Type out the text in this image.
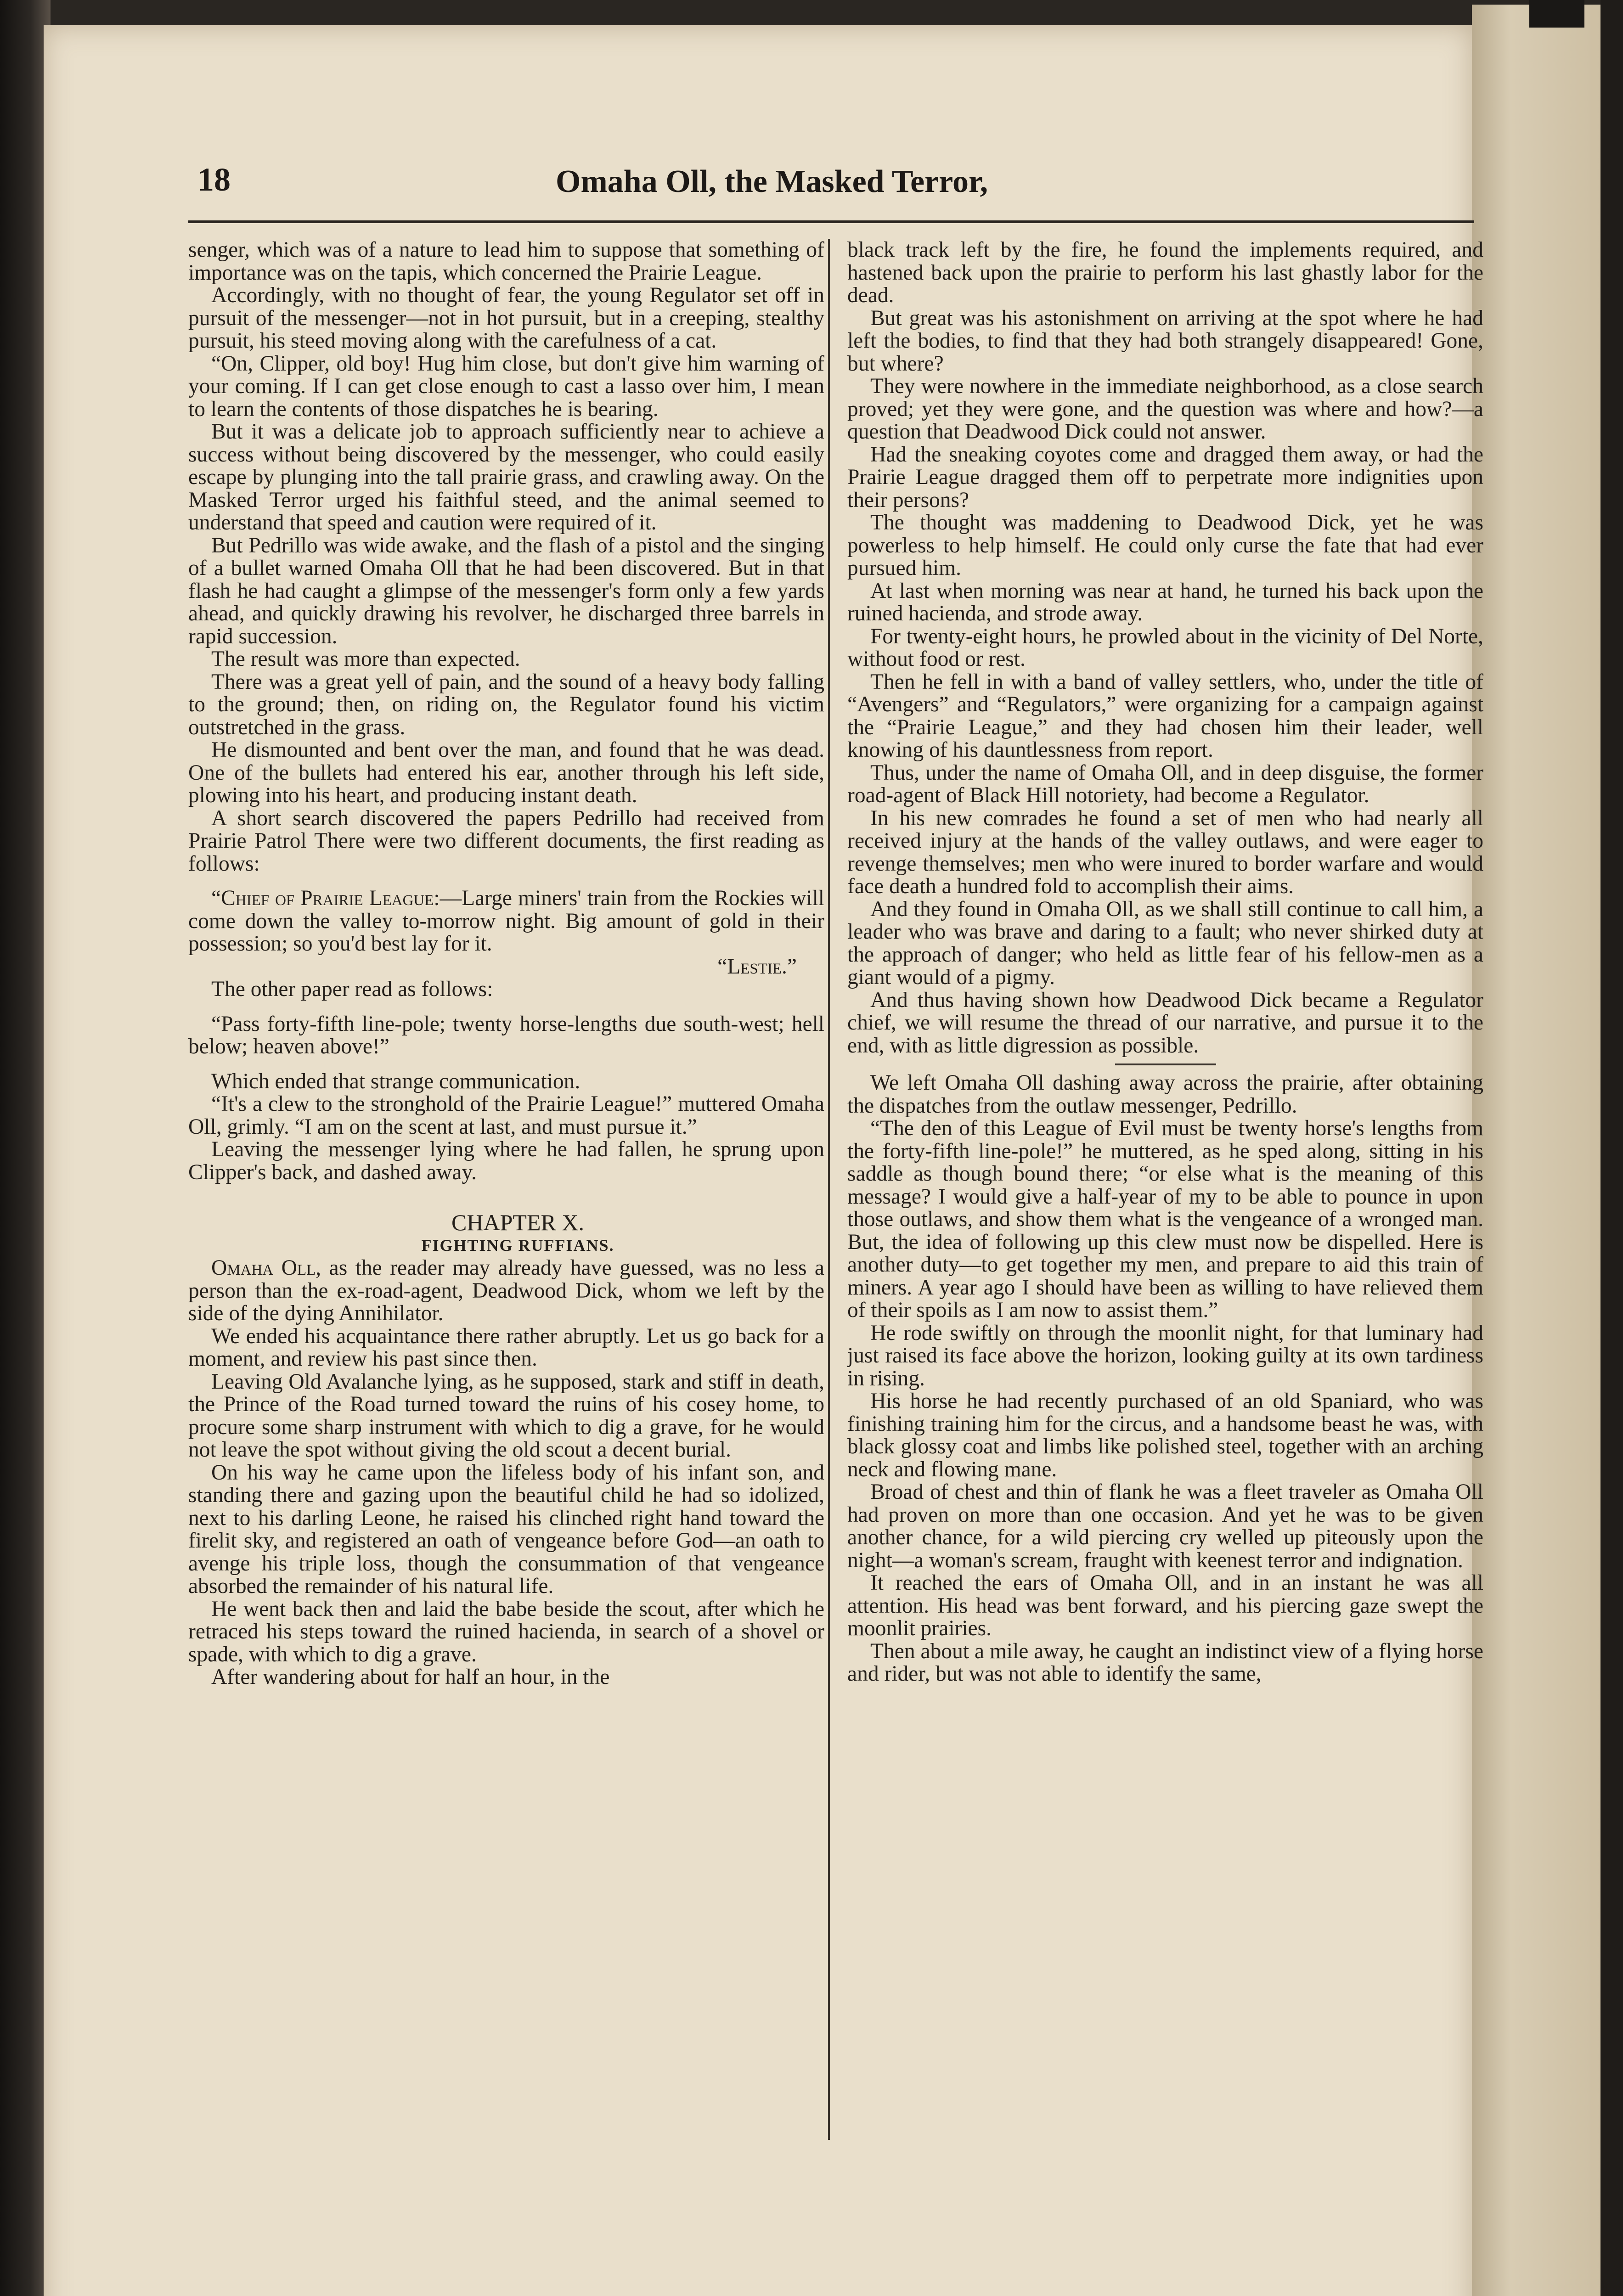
18	Omaha Oll, the Masked Terror,

senger, which was of a nature to lead him to suppose that something of importance was on the tapis, which concerned the Prairie League.

Accordingly, with no thought of fear, the young Regulator set off in pursuit of the messenger—not in hot pursuit, but in a creeping, stealthy pursuit, his steed moving along with the carefulness of a cat.

“On, Clipper, old boy! Hug him close, but don't give him warning of your coming. If I can get close enough to cast a lasso over him, I mean to learn the contents of those dispatches he is bearing.

But it was a delicate job to approach sufficiently near to achieve a success without being discovered by the messenger, who could easily escape by plunging into the tall prairie grass, and crawling away. On the Masked Terror urged his faithful steed, and the animal seemed to understand that speed and caution were required of it.

But Pedrillo was wide awake, and the flash of a pistol and the singing of a bullet warned Omaha Oll that he had been discovered. But in that flash he had caught a glimpse of the messenger's form only a few yards ahead, and quickly drawing his revolver, he discharged three barrels in rapid succession.

The result was more than expected.

There was a great yell of pain, and the sound of a heavy body falling to the ground; then, on riding on, the Regulator found his victim outstretched in the grass.

He dismounted and bent over the man, and found that he was dead. One of the bullets had entered his ear, another through his left side, plowing into his heart, and producing instant death.

A short search discovered the papers Pedrillo had received from Prairie Patrol There were two different documents, the first reading as follows:

“Chief of Prairie League:—Large miners' train from the Rockies will come down the valley to-morrow night. Big amount of gold in their possession; so you'd best lay for it.

“Lestie.”

The other paper read as follows:

“Pass forty-fifth line-pole; twenty horse-lengths due south-west; hell below; heaven above!”

Which ended that strange communication.

“It's a clew to the stronghold of the Prairie League!” muttered Omaha Oll, grimly. “I am on the scent at last, and must pursue it.”

Leaving the messenger lying where he had fallen, he sprung upon Clipper's back, and dashed away.

CHAPTER X.

FIGHTING RUFFIANS.

Omaha Oll, as the reader may already have guessed, was no less a person than the ex-road-agent, Deadwood Dick, whom we left by the side of the dying Annihilator.

We ended his acquaintance there rather abruptly. Let us go back for a moment, and review his past since then.

Leaving Old Avalanche lying, as he supposed, stark and stiff in death, the Prince of the Road turned toward the ruins of his cosey home, to procure some sharp instrument with which to dig a grave, for he would not leave the spot without giving the old scout a decent burial.

On his way he came upon the lifeless body of his infant son, and standing there and gazing upon the beautiful child he had so idolized, next to his darling Leone, he raised his clinched right hand toward the firelit sky, and registered an oath of vengeance before God—an oath to avenge his triple loss, though the consummation of that vengeance absorbed the remainder of his natural life.

He went back then and laid the babe beside the scout, after which he retraced his steps toward the ruined hacienda, in search of a shovel or spade, with which to dig a grave.

After wandering about for half an hour, in the

black track left by the fire, he found the implements required, and hastened back upon the prairie to perform his last ghastly labor for the dead.

But great was his astonishment on arriving at the spot where he had left the bodies, to find that they had both strangely disappeared! Gone, but where?

They were nowhere in the immediate neighborhood, as a close search proved; yet they were gone, and the question was where and how?—a question that Deadwood Dick could not answer.

Had the sneaking coyotes come and dragged them away, or had the Prairie League dragged them off to perpetrate more indignities upon their persons?

The thought was maddening to Deadwood Dick, yet he was powerless to help himself. He could only curse the fate that had ever pursued him.

At last when morning was near at hand, he turned his back upon the ruined hacienda, and strode away.

For twenty-eight hours, he prowled about in the vicinity of Del Norte, without food or rest.

Then he fell in with a band of valley settlers, who, under the title of “Avengers” and “Regulators,” were organizing for a campaign against the “Prairie League,” and they had chosen him their leader, well knowing of his dauntlessness from report.

Thus, under the name of Omaha Oll, and in deep disguise, the former road-agent of Black Hill notoriety, had become a Regulator.

In his new comrades he found a set of men who had nearly all received injury at the hands of the valley outlaws, and were eager to revenge themselves; men who were inured to border warfare and would face death a hundred fold to accomplish their aims.

And they found in Omaha Oll, as we shall still continue to call him, a leader who was brave and daring to a fault; who never shirked duty at the approach of danger; who held as little fear of his fellow-men as a giant would of a pigmy.

And thus having shown how Deadwood Dick became a Regulator chief, we will resume the thread of our narrative, and pursue it to the end, with as little digression as possible.

We left Omaha Oll dashing away across the prairie, after obtaining the dispatches from the outlaw messenger, Pedrillo.

“The den of this League of Evil must be twenty horse's lengths from the forty-fifth line-pole!” he muttered, as he sped along, sitting in his saddle as though bound there; “or else what is the meaning of this message? I would give a half-year of my to be able to pounce in upon those outlaws, and show them what is the vengeance of a wronged man. But, the idea of following up this clew must now be dispelled. Here is another duty—to get together my men, and prepare to aid this train of miners. A year ago I should have been as willing to have relieved them of their spoils as I am now to assist them.”

He rode swiftly on through the moonlit night, for that luminary had just raised its face above the horizon, looking guilty at its own tardiness in rising.

His horse he had recently purchased of an old Spaniard, who was finishing training him for the circus, and a handsome beast he was, with black glossy coat and limbs like polished steel, together with an arching neck and flowing mane.

Broad of chest and thin of flank he was a fleet traveler as Omaha Oll had proven on more than one occasion. And yet he was to be given another chance, for a wild piercing cry welled up piteously upon the night—a woman's scream, fraught with keenest terror and indignation.

It reached the ears of Omaha Oll, and in an instant he was all attention. His head was bent forward, and his piercing gaze swept the moonlit prairies.

Then about a mile away, he caught an indistinct view of a flying horse and rider, but was not able to identify the same,
